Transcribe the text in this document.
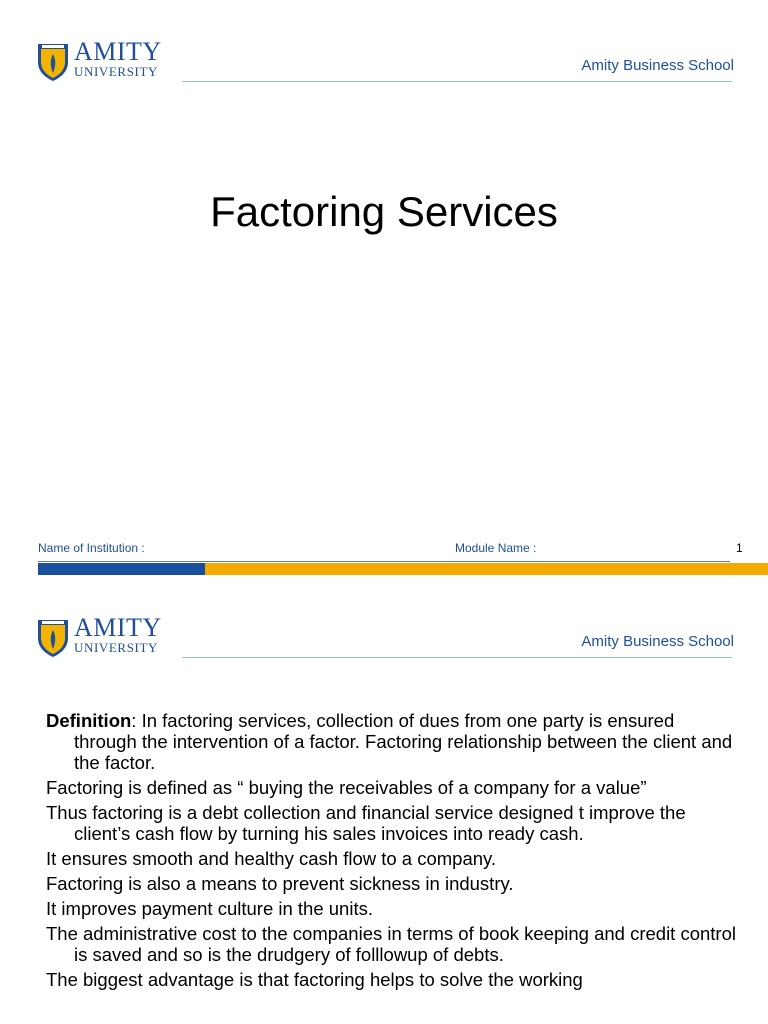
AMITY
UNIVERSITY	Amity Business School
Factoring Services
Name of Institution :	Module Name :	1
AMITY
UNIVERSITY	Amity Business School

Definition: In factoring services, collection of dues from one party is ensured through the intervention of a factor. Factoring relationship between the client and the factor.

Factoring is defined as “ buying the receivables of a company for a value”

Thus factoring is a debt collection and financial service designed t improve the client’s cash flow by turning his sales invoices into ready cash.

It ensures smooth and healthy cash flow to a company.

Factoring is also a means to prevent sickness in industry.

It improves payment culture in the units.

The administrative cost to the companies in terms of book keeping and credit control is saved and so is the drudgery of folllowup of debts.

The biggest advantage is that factoring helps to solve the working
